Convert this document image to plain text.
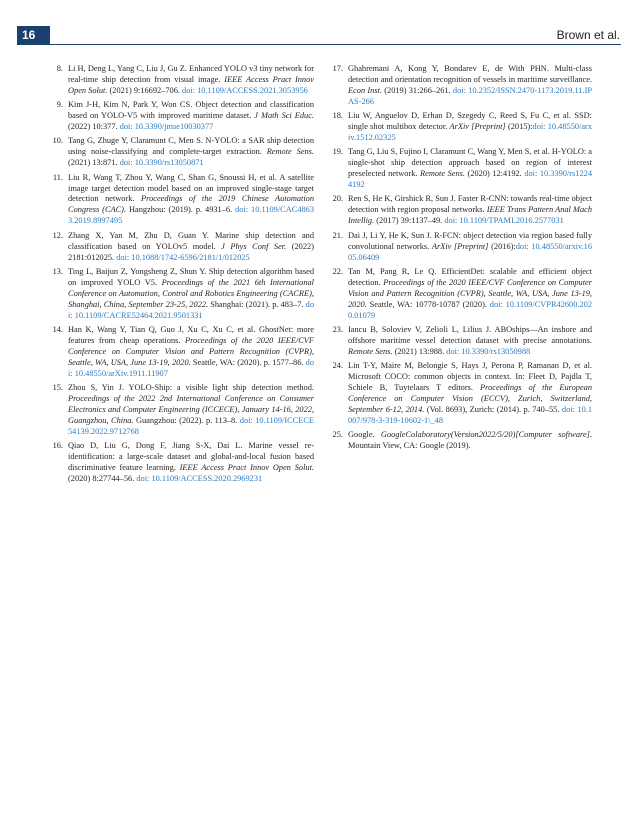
16	Brown et al.
8. Li H, Deng L, Yang C, Liu J, Gu Z. Enhanced YOLO v3 tiny network for real-time ship detection from visual image. IEEE Access Pract Innov Open Solut. (2021) 9:16692–706. doi: 10.1109/ACCESS.2021.3053956
9. Kim J-H, Kim N, Park Y, Won CS. Object detection and classification based on YOLO-V5 with improved maritime dataset. J Math Sci Educ. (2022) 10:377. doi: 10.3390/jmse10030377
10. Tang G, Zhuge Y, Claramunt C, Men S. N-YOLO: a SAR ship detection using noise-classifying and complete-target extraction. Remote Sens. (2021) 13:871. doi: 10.3390/rs13050871
11. Liu R, Wang T, Zhou Y, Wang C, Shan G, Snoussi H, et al. A satellite image target detection model based on an improved single-stage target detection network. Proceedings of the 2019 Chinese Automation Congress (CAC). Hangzhou: (2019). p. 4931–6. doi: 10.1109/CAC48633.2019.8997495
12. Zhang X, Yan M, Zhu D, Guan Y. Marine ship detection and classification based on YOLOv5 model. J Phys Conf Ser. (2022) 2181:012025. doi: 10.1088/1742-6596/2181/1/012025
13. Ting L, Baijun Z, Yongsheng Z, Shun Y. Ship detection algorithm based on improved YOLO V5. Proceedings of the 2021 6th International Conference on Automation, Control and Robotics Engineering (CACRE), Shanghai, China, September 23-25, 2022. Shanghai: (2021). p. 483–7. doi: 10.1109/CACRE52464.2021.9501331
14. Han K, Wang Y, Tian Q, Guo J, Xu C, Xu C, et al. GhostNet: more features from cheap operations. Proceedings of the 2020 IEEE/CVF Conference on Computer Vision and Pattern Recognition (CVPR), Seattle, WA, USA, June 13-19, 2020. Seattle, WA: (2020). p. 1577–86. doi: 10.48550/arXiv.1911.11907
15. Zhou S, Yin J. YOLO-Ship: a visible light ship detection method. Proceedings of the 2022 2nd International Conference on Consumer Electronics and Computer Engineering (ICCECE), January 14-16, 2022, Guangzhou, China. Guangzhou: (2022). p. 113–8. doi: 10.1109/ICCECE54139.2022.9712768
16. Qiao D, Liu G, Dong F, Jiang S-X, Dai L. Marine vessel re-identification: a large-scale dataset and global-and-local fusion based discriminative feature learning. IEEE Access Pract Innov Open Solut. (2020) 8:27744–56. doi: 10.1109/ACCESS.2020.2969231
17. Ghahremani A, Kong Y, Bondarev E, de With PHN. Multi-class detection and orientation recognition of vessels in maritime surveillance. Econ Inst. (2019) 31:266–261. doi: 10.2352/ISSN.2470-1173.2019.11.IPAS-266
18. Liu W, Anguelov D, Erhan D, Szegedy C, Reed S, Fu C, et al. SSD: single shot multibox detector. ArXiv [Preprint] (2015):doi: 10.48550/arxiv.1512.02325
19. Tang G, Liu S, Fujino I, Claramunt C, Wang Y, Men S, et al. H-YOLO: a single-shot ship detection approach based on region of interest preselected network. Remote Sens. (2020) 12:4192. doi: 10.3390/rs12244192
20. Ren S, He K, Girshick R, Sun J. Faster R-CNN: towards real-time object detection with region proposal networks. IEEE Trans Pattern Anal Mach Intellig. (2017) 39:1137–49. doi: 10.1109/TPAMI.2016.2577031
21. Dai J, Li Y, He K, Sun J. R-FCN: object detection via region based fully convolutional networks. ArXiv [Preprint] (2016):doi: 10.48550/arxiv.1605.06409
22. Tan M, Pang R, Le Q. EfficientDet: scalable and efficient object detection. Proceedings of the 2020 IEEE/CVF Conference on Computer Vision and Pattern Recognition (CVPR), Seattle, WA, USA, June 13-19, 2020. Seattle, WA: 10778-10787 (2020). doi: 10.1109/CVPR42600.2020.01079
23. Iancu B, Soloviev V, Zelioli L, Lilius J. ABOships—An inshore and offshore maritime vessel detection dataset with precise annotations. Remote Sens. (2021) 13:988. doi: 10.3390/rs13050988
24. Lin T-Y, Maire M, Belongie S, Hays J, Perona P, Ramanan D, et al. Microsoft COCO: common objects in context. In: Fleet D, Pajdla T, Schiele B, Tuytelaars T editors. Proceedings of the European Conference on Computer Vision (ECCV), Zurich, Switzerland, September 6-12, 2014. (Vol. 8693), Zurich: (2014). p. 740–55. doi: 10.1007/978-3-319-10602-1\_48
25. Google. GoogleColaboratory(Version2022/5/20)[Computer software]. Mountain View, CA: Google (2019).
